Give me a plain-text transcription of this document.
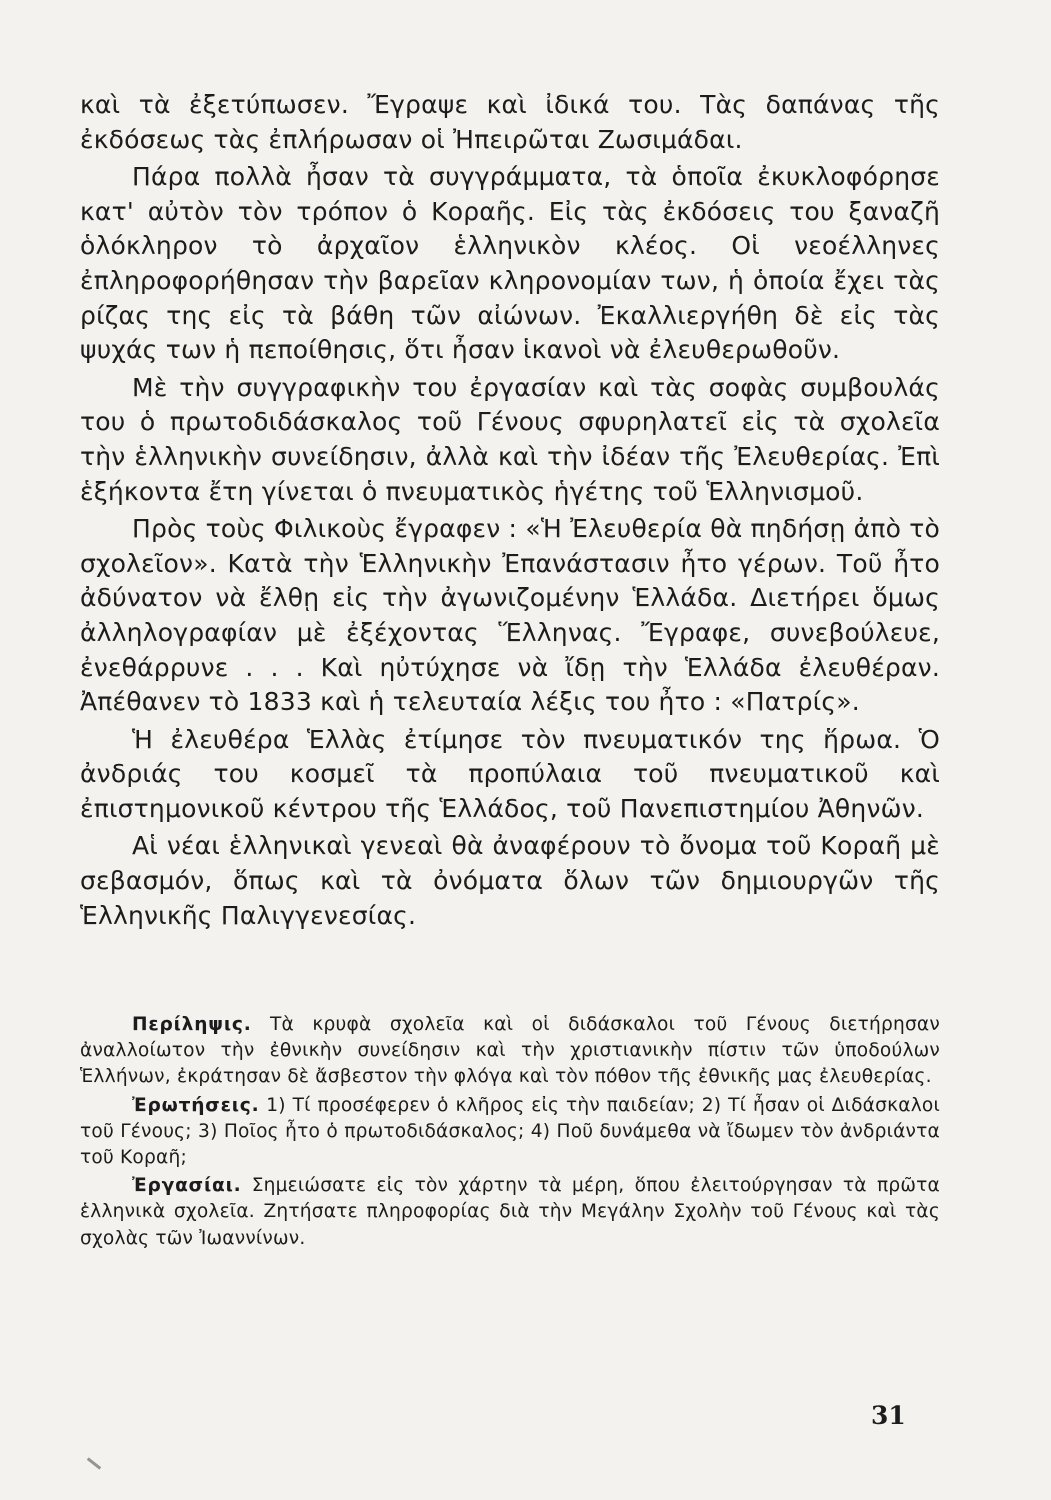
καὶ τὰ ἐξετύπωσεν. Ἔγραψε καὶ ἰδικά του. Τὰς δαπάνας τῆς ἐκδόσεως τὰς ἐπλήρωσαν οἱ Ἠπειρῶται Ζωσιμάδαι.

Πάρα πολλὰ ἦσαν τὰ συγγράμματα, τὰ ὁποῖα ἐκυκλοφόρησε κατ' αὐτὸν τὸν τρόπον ὁ Κοραῆς. Εἰς τὰς ἐκδόσεις του ξαναζῆ ὁλόκληρον τὸ ἀρχαῖον ἑλληνικὸν κλέος. Οἱ νεοέλληνες ἐπληροφορήθησαν τὴν βαρεῖαν κληρονομίαν των, ἡ ὁποία ἔχει τὰς ρίζας της εἰς τὰ βάθη τῶν αἰώνων. Ἐκαλλιεργήθη δὲ εἰς τὰς ψυχάς των ἡ πεποίθησις, ὅτι ἦσαν ἱκανοὶ νὰ ἐλευθερωθοῦν.

Μὲ τὴν συγγραφικὴν του ἐργασίαν καὶ τὰς σοφὰς συμβουλάς του ὁ πρωτοδιδάσκαλος τοῦ Γένους σφυρηλατεῖ εἰς τὰ σχολεῖα τὴν ἑλληνικὴν συνείδησιν, ἀλλὰ καὶ τὴν ἰδέαν τῆς Ἐλευθερίας. Ἐπὶ ἑξήκοντα ἔτη γίνεται ὁ πνευματικὸς ἡγέτης τοῦ Ἑλληνισμοῦ.

Πρὸς τοὺς Φιλικοὺς ἔγραφεν : «Ἡ Ἐλευθερία θὰ πηδήσῃ ἀπὸ τὸ σχολεῖον». Κατὰ τὴν Ἑλληνικὴν Ἐπανάστασιν ἦτο γέρων. Τοῦ ἦτο ἀδύνατον νὰ ἔλθῃ εἰς τὴν ἀγωνιζομένην Ἑλλάδα. Διετήρει ὅμως ἀλληλογραφίαν μὲ ἐξέχοντας Ἕλληνας. Ἔγραφε, συνεβούλευε, ἐνεθάρρυνε . . . Καὶ ηὐτύχησε νὰ ἴδῃ τὴν Ἑλλάδα ἐλευθέραν. Ἀπέθανεν τὸ 1833 καὶ ἡ τελευταία λέξις του ἦτο : «Πατρίς».

Ἡ ἐλευθέρα Ἑλλὰς ἐτίμησε τὸν πνευματικόν της ἥρωα. Ὁ ἀνδριάς του κοσμεῖ τὰ προπύλαια τοῦ πνευματικοῦ καὶ ἐπιστημονικοῦ κέντρου τῆς Ἑλλάδος, τοῦ Πανεπιστημίου Ἀθηνῶν.

Αἱ νέαι ἑλληνικαὶ γενεαὶ θὰ ἀναφέρουν τὸ ὄνομα τοῦ Κοραῆ μὲ σεβασμόν, ὅπως καὶ τὰ ὀνόματα ὅλων τῶν δημιουργῶν τῆς Ἑλληνικῆς Παλιγγενεσίας.

Περίληψις. Τὰ κρυφὰ σχολεῖα καὶ οἱ διδάσκαλοι τοῦ Γένους διετήρησαν ἀναλλοίωτον τὴν ἐθνικὴν συνείδησιν καὶ τὴν χριστιανικὴν πίστιν τῶν ὑποδούλων Ἑλλήνων, ἐκράτησαν δὲ ἄσβεστον τὴν φλόγα καὶ τὸν πόθον τῆς ἐθνικῆς μας ἐλευθερίας.

Ἐρωτήσεις. 1) Τί προσέφερεν ὁ κλῆρος εἰς τὴν παιδείαν; 2) Τί ἦσαν οἱ Διδάσκαλοι τοῦ Γένους; 3) Ποῖος ἦτο ὁ πρωτοδιδάσκαλος; 4) Ποῦ δυνάμεθα νὰ ἴδωμεν τὸν ἀνδριάντα τοῦ Κοραῆ;

Ἐργασίαι. Σημειώσατε εἰς τὸν χάρτην τὰ μέρη, ὅπου ἐλειτούργησαν τὰ πρῶτα ἑλληνικὰ σχολεῖα. Ζητήσατε πληροφορίας διὰ τὴν Μεγάλην Σχολὴν τοῦ Γένους καὶ τὰς σχολὰς τῶν Ἰωαννίνων.

31
